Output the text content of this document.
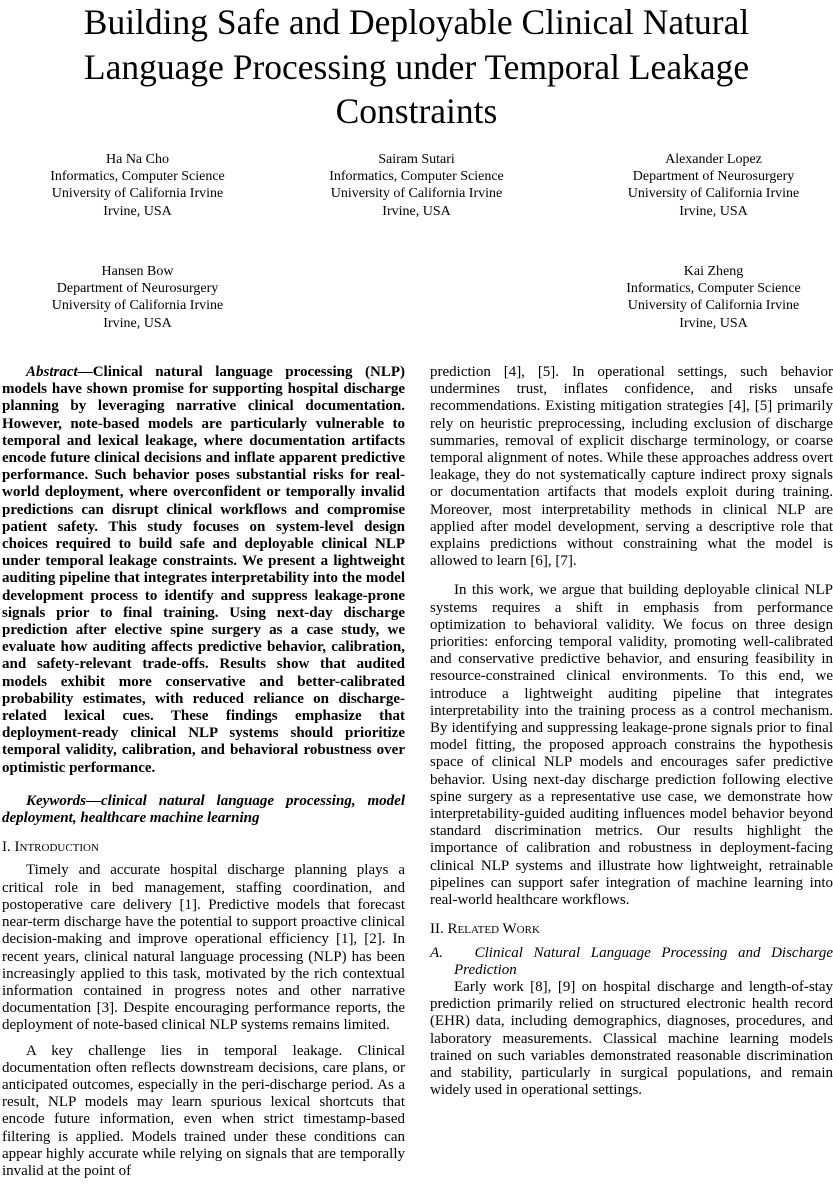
Building Safe and Deployable Clinical Natural
Language Processing under Temporal Leakage
Constraints
Ha Na Cho
Informatics, Computer Science
University of California Irvine
Irvine, USA
Sairam Sutari
Informatics, Computer Science
University of California Irvine
Irvine, USA
Alexander Lopez
Department of Neurosurgery
University of California Irvine
Irvine, USA
Hansen Bow
Department of Neurosurgery
University of California Irvine
Irvine, USA
Kai Zheng
Informatics, Computer Science
University of California Irvine
Irvine, USA

Abstract—Clinical natural language processing (NLP) models have shown promise for supporting hospital discharge planning by leveraging narrative clinical documentation. However, note-based models are particularly vulnerable to temporal and lexical leakage, where documentation artifacts encode future clinical decisions and inflate apparent predictive performance. Such behavior poses substantial risks for real-world deployment, where overconfident or temporally invalid predictions can disrupt clinical workflows and compromise patient safety. This study focuses on system-level design choices required to build safe and deployable clinical NLP under temporal leakage constraints. We present a lightweight auditing pipeline that integrates interpretability into the model development process to identify and suppress leakage-prone signals prior to final training. Using next-day discharge prediction after elective spine surgery as a case study, we evaluate how auditing affects predictive behavior, calibration, and safety-relevant trade-offs. Results show that audited models exhibit more conservative and better-calibrated probability estimates, with reduced reliance on discharge-related lexical cues. These findings emphasize that deployment-ready clinical NLP systems should prioritize temporal validity, calibration, and behavioral robustness over optimistic performance.

Keywords—clinical natural language processing, model deployment, healthcare machine learning

I. Introduction

Timely and accurate hospital discharge planning plays a critical role in bed management, staffing coordination, and postoperative care delivery [1]. Predictive models that forecast near-term discharge have the potential to support proactive clinical decision-making and improve operational efficiency [1], [2]. In recent years, clinical natural language processing (NLP) has been increasingly applied to this task, motivated by the rich contextual information contained in progress notes and other narrative documentation [3]. Despite encouraging performance reports, the deployment of note-based clinical NLP systems remains limited.

A key challenge lies in temporal leakage. Clinical documentation often reflects downstream decisions, care plans, or anticipated outcomes, especially in the peri-discharge period. As a result, NLP models may learn spurious lexical shortcuts that encode future information, even when strict timestamp-based filtering is applied. Models trained under these conditions can appear highly accurate while relying on signals that are temporally invalid at the point of

prediction [4], [5]. In operational settings, such behavior undermines trust, inflates confidence, and risks unsafe recommendations. Existing mitigation strategies [4], [5] primarily rely on heuristic preprocessing, including exclusion of discharge summaries, removal of explicit discharge terminology, or coarse temporal alignment of notes. While these approaches address overt leakage, they do not systematically capture indirect proxy signals or documentation artifacts that models exploit during training. Moreover, most interpretability methods in clinical NLP are applied after model development, serving a descriptive role that explains predictions without constraining what the model is allowed to learn [6], [7].

In this work, we argue that building deployable clinical NLP systems requires a shift in emphasis from performance optimization to behavioral validity. We focus on three design priorities: enforcing temporal validity, promoting well-calibrated and conservative predictive behavior, and ensuring feasibility in resource-constrained clinical environments. To this end, we introduce a lightweight auditing pipeline that integrates interpretability into the training process as a control mechanism. By identifying and suppressing leakage-prone signals prior to final model fitting, the proposed approach constrains the hypothesis space of clinical NLP models and encourages safer predictive behavior. Using next-day discharge prediction following elective spine surgery as a representative use case, we demonstrate how interpretability-guided auditing influences model behavior beyond standard discrimination metrics. Our results highlight the importance of calibration and robustness in deployment-facing clinical NLP systems and illustrate how lightweight, retrainable pipelines can support safer integration of machine learning into real-world healthcare workflows.

II. Related Work

A. Clinical Natural Language Processing and Discharge Prediction

Early work [8], [9] on hospital discharge and length-of-stay prediction primarily relied on structured electronic health record (EHR) data, including demographics, diagnoses, procedures, and laboratory measurements. Classical machine learning models trained on such variables demonstrated reasonable discrimination and stability, particularly in surgical populations, and remain widely used in operational settings.
